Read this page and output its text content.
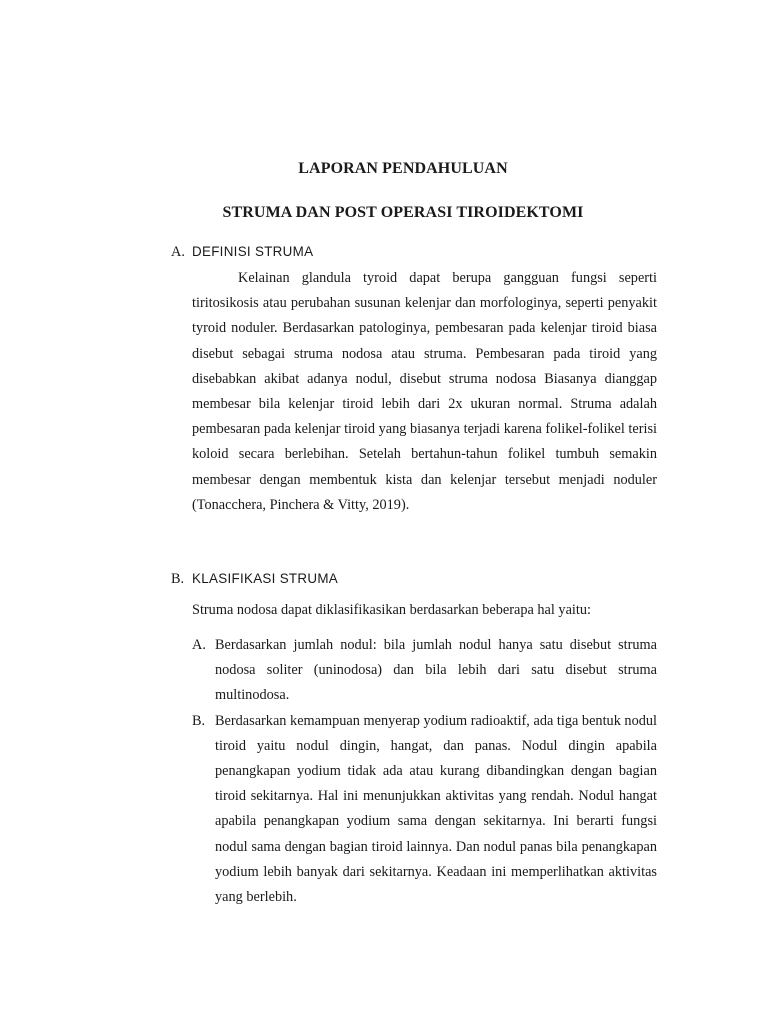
LAPORAN PENDAHULUAN
STRUMA DAN POST OPERASI TIROIDEKTOMI
A. DEFINISI STRUMA

Kelainan glandula tyroid dapat berupa gangguan fungsi seperti tiritosikosis atau perubahan susunan kelenjar dan morfologinya, seperti penyakit tyroid noduler. Berdasarkan patologinya, pembesaran pada kelenjar tiroid biasa disebut sebagai struma nodosa atau struma. Pembesaran pada tiroid yang disebabkan akibat adanya nodul, disebut struma nodosa Biasanya dianggap membesar bila kelenjar tiroid lebih dari 2x ukuran normal. Struma adalah pembesaran pada kelenjar tiroid yang biasanya terjadi karena folikel-folikel terisi koloid secara berlebihan. Setelah bertahun-tahun folikel tumbuh semakin membesar dengan membentuk kista dan kelenjar tersebut menjadi noduler (Tonacchera, Pinchera & Vitty, 2019).

B. KLASIFIKASI STRUMA

Struma nodosa dapat diklasifikasikan berdasarkan beberapa hal yaitu:

A. Berdasarkan jumlah nodul: bila jumlah nodul hanya satu disebut struma nodosa soliter (uninodosa) dan bila lebih dari satu disebut struma multinodosa.
B. Berdasarkan kemampuan menyerap yodium radioaktif, ada tiga bentuk nodul tiroid yaitu nodul dingin, hangat, dan panas. Nodul dingin apabila penangkapan yodium tidak ada atau kurang dibandingkan dengan bagian tiroid sekitarnya. Hal ini menunjukkan aktivitas yang rendah. Nodul hangat apabila penangkapan yodium sama dengan sekitarnya. Ini berarti fungsi nodul sama dengan bagian tiroid lainnya. Dan nodul panas bila penangkapan yodium lebih banyak dari sekitarnya. Keadaan ini memperlihatkan aktivitas yang berlebih.
